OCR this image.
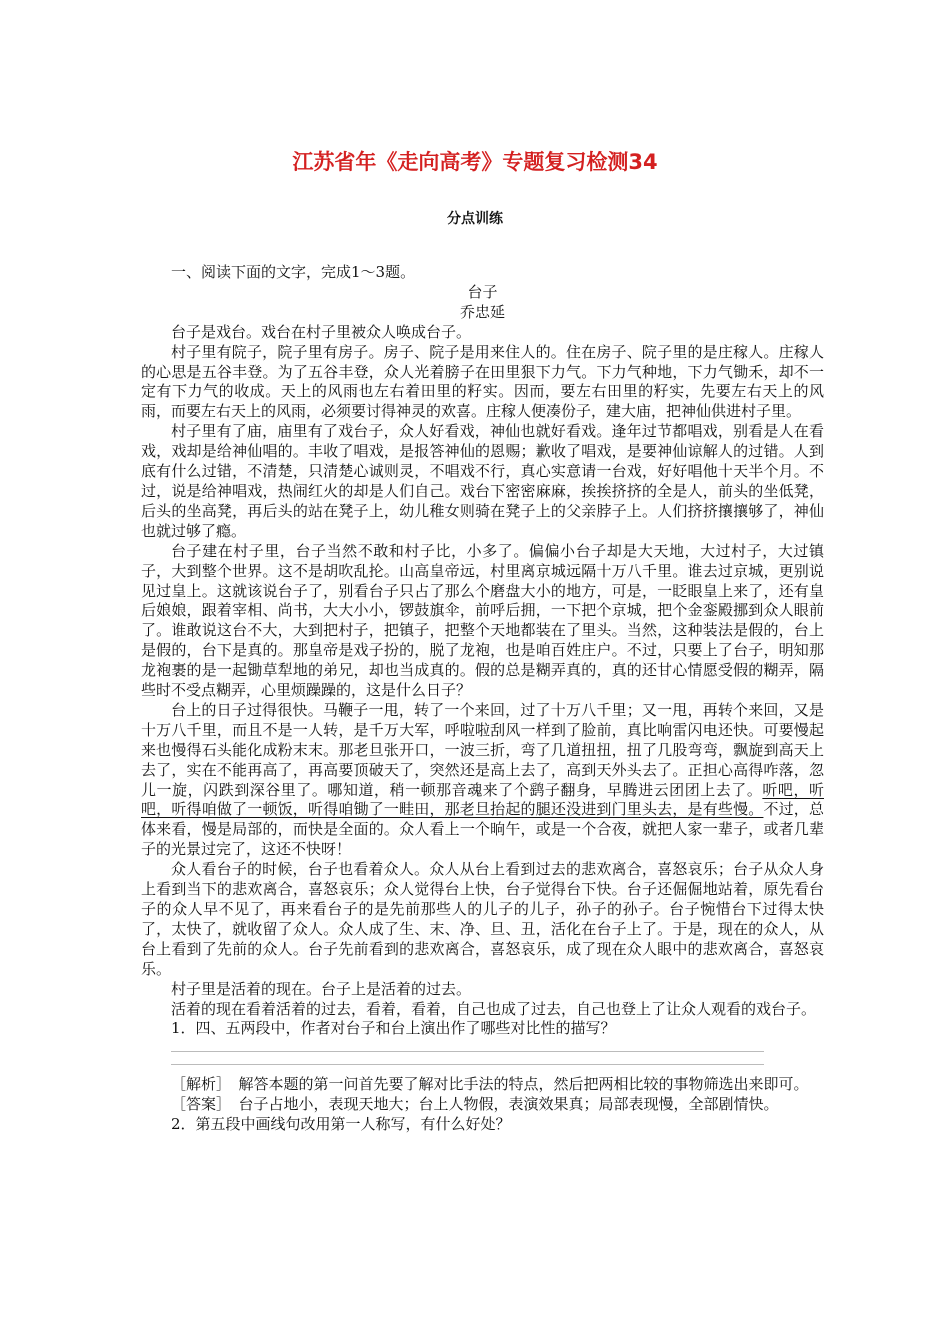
江苏省年《走向高考》专题复习检测34
分点训练

一、阅读下面的文字，完成1～3题。

台子

乔忠延

台子是戏台。戏台在村子里被众人唤成台子。

村子里有院子，院子里有房子。房子、院子是用来住人的。住在房子、院子里的是庄稼人。庄稼人的心思是五谷丰登。为了五谷丰登，众人光着膀子在田里狠下力气。下力气种地，下力气锄禾，却不一定有下力气的收成。天上的风雨也左右着田里的籽实。因而，要左右田里的籽实，先要左右天上的风雨，而要左右天上的风雨，必须要讨得神灵的欢喜。庄稼人便凑份子，建大庙，把神仙供进村子里。

村子里有了庙，庙里有了戏台子，众人好看戏，神仙也就好看戏。逢年过节都唱戏，别看是人在看戏，戏却是给神仙唱的。丰收了唱戏，是报答神仙的恩赐；歉收了唱戏，是要神仙谅解人的过错。人到底有什么过错，不清楚，只清楚心诚则灵，不唱戏不行，真心实意请一台戏，好好唱他十天半个月。不过，说是给神唱戏，热闹红火的却是人们自己。戏台下密密麻麻，挨挨挤挤的全是人，前头的坐低凳，后头的坐高凳，再后头的站在凳子上，幼儿稚女则骑在凳子上的父亲脖子上。人们挤挤攘攘够了，神仙也就过够了瘾。

台子建在村子里，台子当然不敢和村子比，小多了。偏偏小台子却是大天地，大过村子，大过镇子，大到整个世界。这不是胡吹乱抡。山高皇帝远，村里离京城远隔十万八千里。谁去过京城，更别说见过皇上。这就该说台子了，别看台子只占了那么个磨盘大小的地方，可是，一眨眼皇上来了，还有皇后娘娘，跟着宰相、尚书，大大小小，锣鼓旗伞，前呼后拥，一下把个京城，把个金銮殿挪到众人眼前了。谁敢说这台不大，大到把村子，把镇子，把整个天地都装在了里头。当然，这种装法是假的，台上是假的，台下是真的。那皇帝是戏子扮的，脱了龙袍，也是咱百姓庄户。不过，只要上了台子，明知那龙袍裹的是一起锄草犁地的弟兄，却也当成真的。假的总是糊弄真的，真的还甘心情愿受假的糊弄，隔些时不受点糊弄，心里烦躁躁的，这是什么日子？

台上的日子过得很快。马鞭子一甩，转了一个来回，过了十万八千里；又一甩，再转个来回，又是十万八千里，而且不是一人转，是千万大军，呼啦啦刮风一样到了脸前，真比响雷闪电还快。可要慢起来也慢得石头能化成粉末末。那老旦张开口，一波三折，弯了几道扭扭，扭了几股弯弯，飘旋到高天上去了，实在不能再高了，再高要顶破天了，突然还是高上去了，高到天外头去了。正担心高得咋落，忽儿一旋，闪跌到深谷里了。哪知道，稍一顿那音魂来了个鹞子翻身，早腾进云团团上去了。听吧，听吧，听得咱做了一顿饭，听得咱锄了一畦田，那老旦抬起的腿还没进到门里头去，是有些慢。不过，总体来看，慢是局部的，而快是全面的。众人看上一个晌午，或是一个合夜，就把人家一辈子，或者几辈子的光景过完了，这还不快呀！

众人看台子的时候，台子也看着众人。众人从台上看到过去的悲欢离合，喜怒哀乐；台子从众人身上看到当下的悲欢离合，喜怒哀乐；众人觉得台上快，台子觉得台下快。台子还倔倔地站着，原先看台子的众人早不见了，再来看台子的是先前那些人的儿子的儿子，孙子的孙子。台子惋惜台下过得太快了，太快了，就收留了众人。众人成了生、末、净、旦、丑，活化在台子上了。于是，现在的众人，从台上看到了先前的众人。台子先前看到的悲欢离合，喜怒哀乐，成了现在众人眼中的悲欢离合，喜怒哀乐。

村子里是活着的现在。台子上是活着的过去。

活着的现在看着活着的过去，看着，看着，自己也成了过去，自己也登上了让众人观看的戏台子。

1．四、五两段中，作者对台子和台上演出作了哪些对比性的描写？

［解析］　解答本题的第一问首先要了解对比手法的特点，然后把两相比较的事物筛选出来即可。

［答案］　台子占地小，表现天地大；台上人物假，表演效果真；局部表现慢，全部剧情快。

2．第五段中画线句改用第一人称写，有什么好处？
